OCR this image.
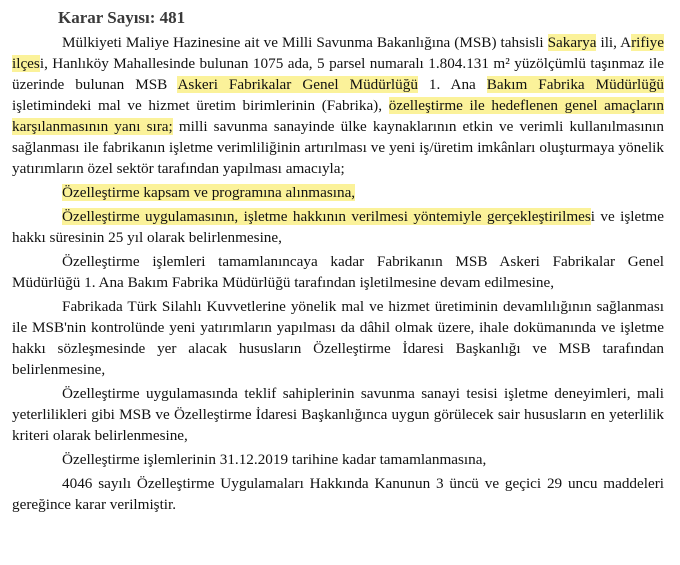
Karar Sayısı: 481

Mülkiyeti Maliye Hazinesine ait ve Milli Savunma Bakanlığına (MSB) tahsisli Sakarya ili, Arifiye ilçesi, Hanlıköy Mahallesinde bulunan 1075 ada, 5 parsel numaralı 1.804.131 m² yüzölçümlü taşınmaz ile üzerinde bulunan MSB Askeri Fabrikalar Genel Müdürlüğü 1. Ana Bakım Fabrika Müdürlüğü işletimindeki mal ve hizmet üretim birimlerinin (Fabrika), özelleştirme ile hedeflenen genel amaçların karşılanmasının yanı sıra; milli savunma sanayinde ülke kaynaklarının etkin ve verimli kullanılmasının sağlanması ile fabrikanın işletme verimliliğinin artırılması ve yeni iş/üretim imkânları oluşturmaya yönelik yatırımların özel sektör tarafından yapılması amacıyla;

Özelleştirme kapsam ve programına alınmasına,

Özelleştirme uygulamasının, işletme hakkının verilmesi yöntemiyle gerçekleştirilmesi ve işletme hakkı süresinin 25 yıl olarak belirlenmesine,

Özelleştirme işlemleri tamamlanıncaya kadar Fabrikanın MSB Askeri Fabrikalar Genel Müdürlüğü 1. Ana Bakım Fabrika Müdürlüğü tarafından işletilmesine devam edilmesine,

Fabrikada Türk Silahlı Kuvvetlerine yönelik mal ve hizmet üretiminin devamlılığının sağlanması ile MSB'nin kontrolünde yeni yatırımların yapılması da dâhil olmak üzere, ihale dokümanında ve işletme hakkı sözleşmesinde yer alacak hususların Özelleştirme İdaresi Başkanlığı ve MSB tarafından belirlenmesine,

Özelleştirme uygulamasında teklif sahiplerinin savunma sanayi tesisi işletme deneyimleri, mali yeterlilikleri gibi MSB ve Özelleştirme İdaresi Başkanlığınca uygun görülecek sair hususların en yeterlilik kriteri olarak belirlenmesine,

Özelleştirme işlemlerinin 31.12.2019 tarihine kadar tamamlanmasına,

4046 sayılı Özelleştirme Uygulamaları Hakkında Kanunun 3 üncü ve geçici 29 uncu maddeleri gereğince karar verilmiştir.
